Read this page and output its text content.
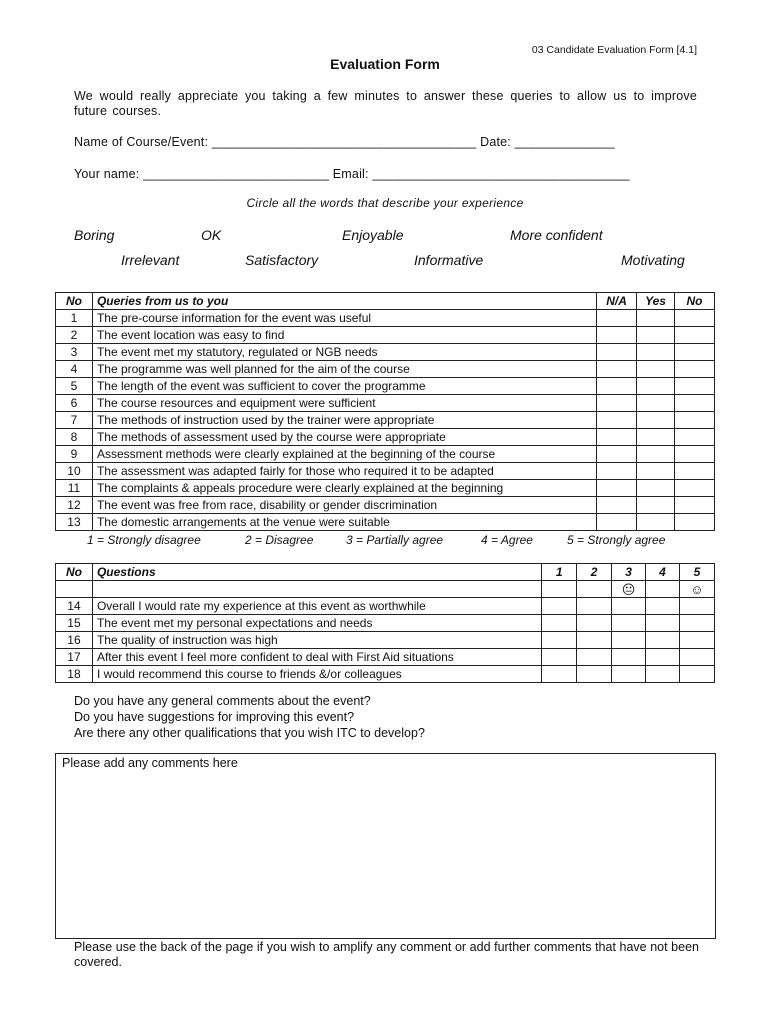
03 Candidate Evaluation Form [4.1]
Evaluation Form
We would really appreciate you taking a few minutes to answer these queries to allow us to improve future courses.
Name of Course/Event: _____________________________________ Date: ______________
Your name: __________________________ Email: ____________________________________
Circle all the words that describe your experience
Boring	OK	Enjoyable	More confident
Irrelevant	Satisfactory	Informative	Motivating
No	Queries from us to you	N/A	Yes	No
1	The pre-course information for the event was useful			
2	The event location was easy to find			
3	The event met my statutory, regulated or NGB needs			
4	The programme was well planned for the aim of the course			
5	The length of the event was sufficient to cover the programme			
6	The course resources and equipment were sufficient			
7	The methods of instruction used by the trainer were appropriate			
8	The methods of assessment used by the course were appropriate			
9	Assessment methods were clearly explained at the beginning of the course			
10	The assessment was adapted fairly for those who required it to be adapted			
11	The complaints & appeals procedure were clearly explained at the beginning			
12	The event was free from race, disability or gender discrimination			
13	The domestic arrangements at the venue were suitable			
1 = Strongly disagree	2 = Disagree	3 = Partially agree	4 = Agree	5 = Strongly agree
No	Questions	1	2	3	4	5
				😐		☺
14	Overall I would rate my experience at this event as worthwhile					
15	The event met my personal expectations and needs					
16	The quality of instruction was high					
17	After this event I feel more confident to deal with First Aid situations					
18	I would recommend this course to friends &/or colleagues					
Do you have any general comments about the event?
Do you have suggestions for improving this event?
Are there any other qualifications that you wish ITC to develop?
Please add any comments here
Please use the back of the page if you wish to amplify any comment or add further comments that have not been covered.
